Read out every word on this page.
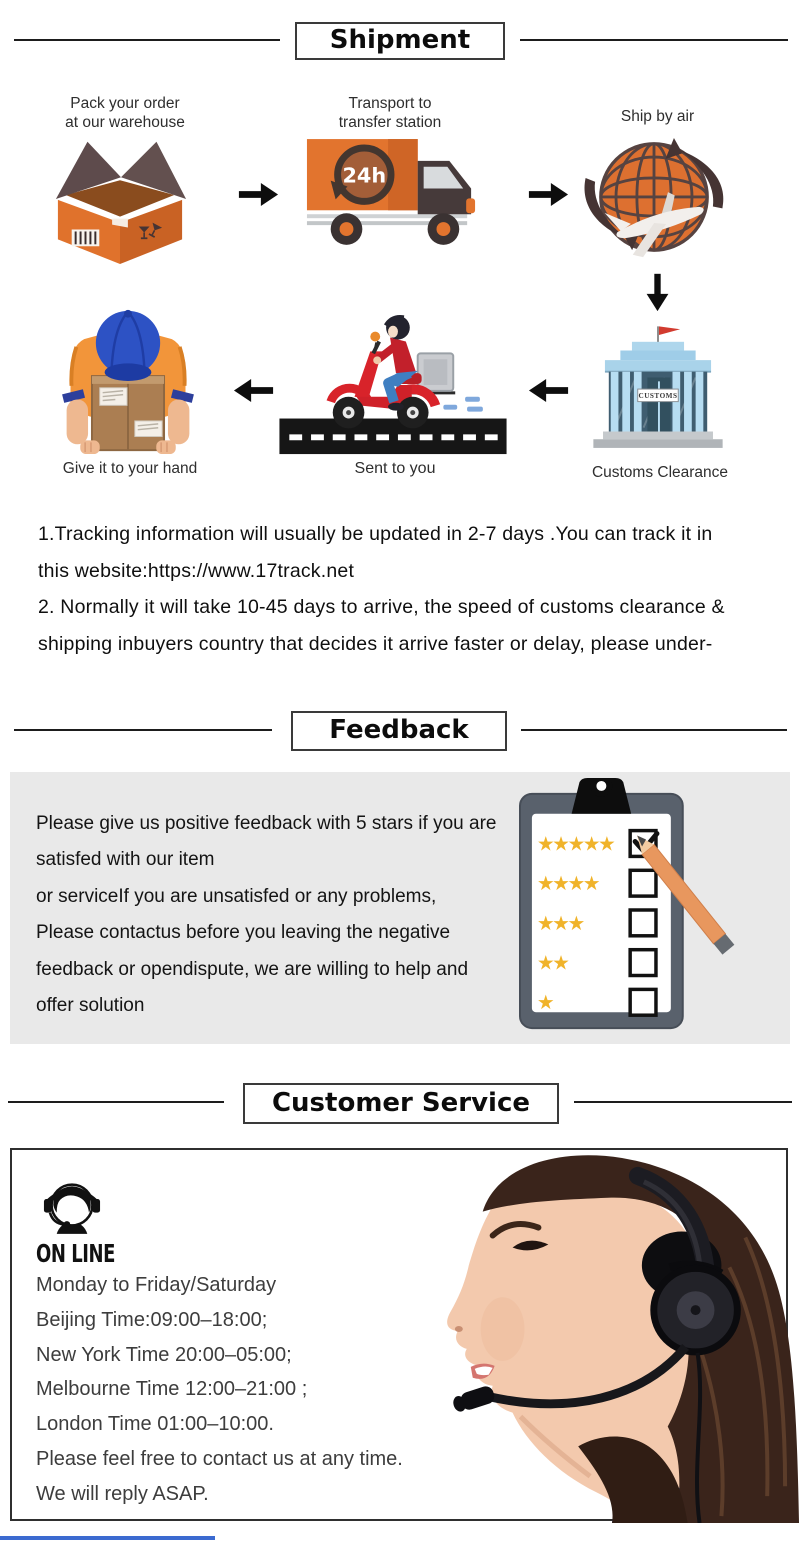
Shipment
Pack your order
at our warehouse
Transport to
transfer station	Ship by air
24h
CUSTOMS
Give it to your hand	Sent to you	Customs Clearance
1.Tracking information will usually be updated in 2-7 days .You can track it in
this website:https://www.17track.net
2. Normally it will take 10-45 days to arrive, the speed of customs clearance &
shipping inbuyers country that decides it arrive faster or delay, please under-
Feedback
Please give us positive feedback with 5 stars if you are
satisfed with our item
or serviceIf you are unsatisfed or any problems,
Please contactus before you leaving the negative
feedback or opendispute, we are willing to help and
offer solution
★★★★★
★★★★
★★★
★★
★
Customer Service
ON LINE
Monday to Friday/Saturday
Beijing Time:09:00–18:00;
New York Time 20:00–05:00;
Melbourne Time 12:00–21:00 ;
London Time 01:00–10:00.
Please feel free to contact us at any time.
We will reply ASAP.
